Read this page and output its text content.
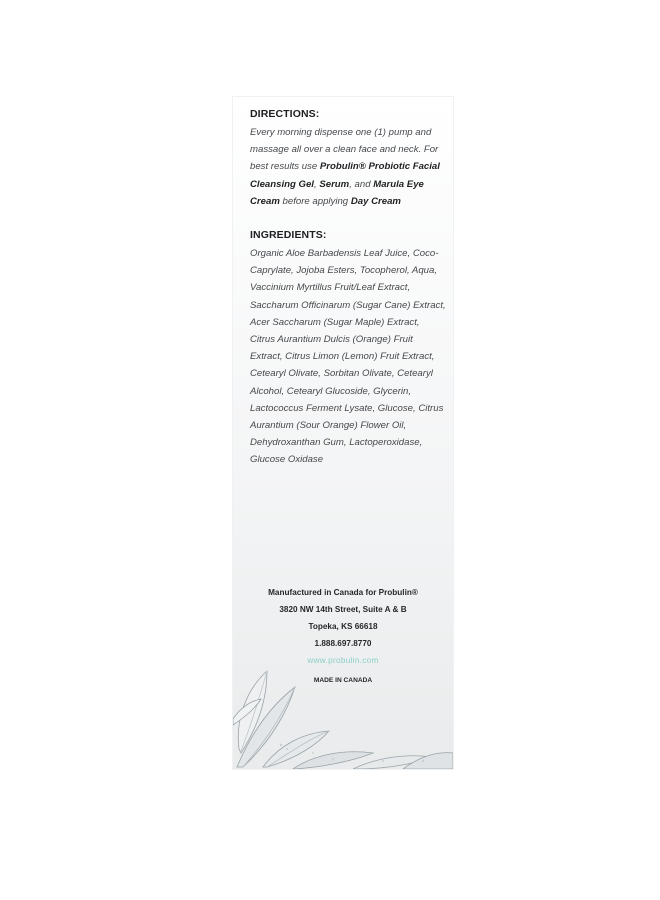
DIRECTIONS:

Every morning dispense one (1) pump and massage all over a clean face and neck. For best results use Probulin® Probiotic Facial Cleansing Gel, Serum, and Marula Eye Cream before applying Day Cream

INGREDIENTS:

Organic Aloe Barbadensis Leaf Juice, Coco-Caprylate, Jojoba Esters, Tocopherol, Aqua, Vaccinium Myrtillus Fruit/Leaf Extract, Saccharum Officinarum (Sugar Cane) Extract, Acer Saccharum (Sugar Maple) Extract, Citrus Aurantium Dulcis (Orange) Fruit Extract, Citrus Limon (Lemon) Fruit Extract, Cetearyl Olivate, Sorbitan Olivate, Cetearyl Alcohol, Cetearyl Glucoside, Glycerin, Lactococcus Ferment Lysate, Glucose, Citrus Aurantium (Sour Orange) Flower Oil, Dehydroxanthan Gum, Lactoperoxidase, Glucose Oxidase

Manufactured in Canada for Probulin®
3820 NW 14th Street, Suite A & B
Topeka, KS 66618
1.888.697.8770
www.probulin.com
MADE IN CANADA
